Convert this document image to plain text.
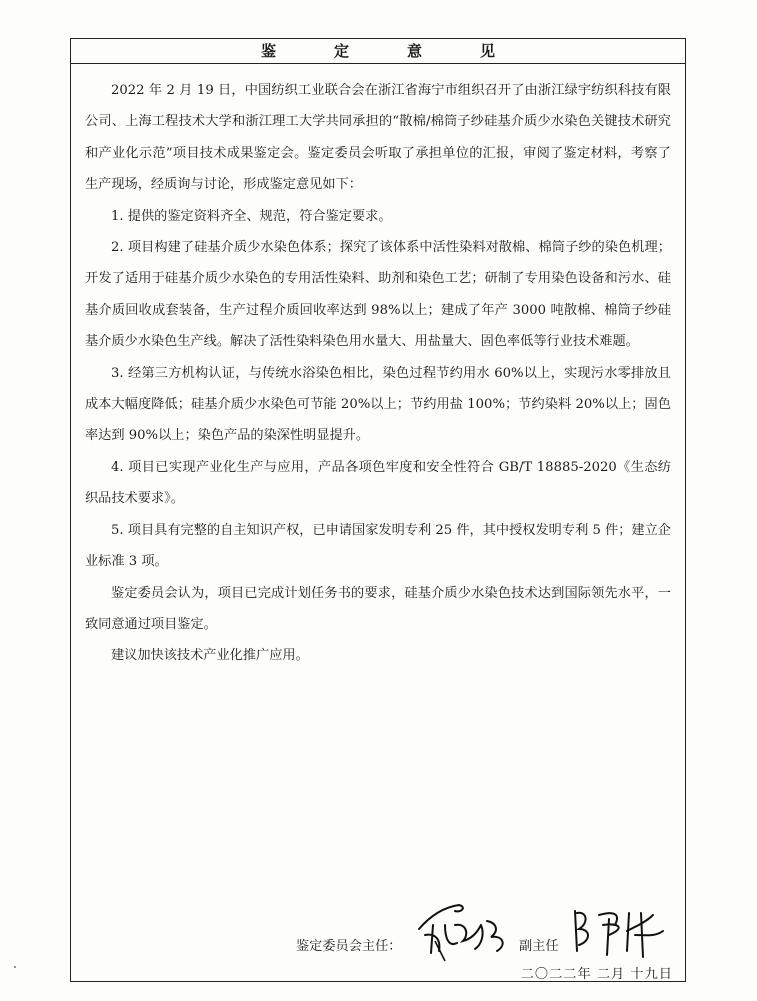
鉴定意见

2022 年 2 月 19 日，中国纺织工业联合会在浙江省海宁市组织召开了由浙江绿宇纺织科技有限公司、上海工程技术大学和浙江理工大学共同承担的“散棉/棉筒子纱硅基介质少水染色关键技术研究和产业化示范”项目技术成果鉴定会。鉴定委员会听取了承担单位的汇报，审阅了鉴定材料，考察了生产现场，经质询与讨论，形成鉴定意见如下：

1. 提供的鉴定资料齐全、规范，符合鉴定要求。

2. 项目构建了硅基介质少水染色体系；探究了该体系中活性染料对散棉、棉筒子纱的染色机理；开发了适用于硅基介质少水染色的专用活性染料、助剂和染色工艺；研制了专用染色设备和污水、硅基介质回收成套装备，生产过程介质回收率达到 98%以上；建成了年产 3000 吨散棉、棉筒子纱硅基介质少水染色生产线。解决了活性染料染色用水量大、用盐量大、固色率低等行业技术难题。

3. 经第三方机构认证，与传统水浴染色相比，染色过程节约用水 60%以上，实现污水零排放且成本大幅度降低；硅基介质少水染色可节能 20%以上；节约用盐 100%；节约染料 20%以上；固色率达到 90%以上；染色产品的染深性明显提升。

4. 项目已实现产业化生产与应用，产品各项色牢度和安全性符合 GB/T 18885-2020《生态纺织品技术要求》。

5. 项目具有完整的自主知识产权，已申请国家发明专利 25 件，其中授权发明专利 5 件；建立企业标准 3 项。

鉴定委员会认为，项目已完成计划任务书的要求，硅基介质少水染色技术达到国际领先水平，一致同意通过项目鉴定。

建议加快该技术产业化推广应用。

鉴定委员会主任：	副主任
二〇二二年 二月 十九日
